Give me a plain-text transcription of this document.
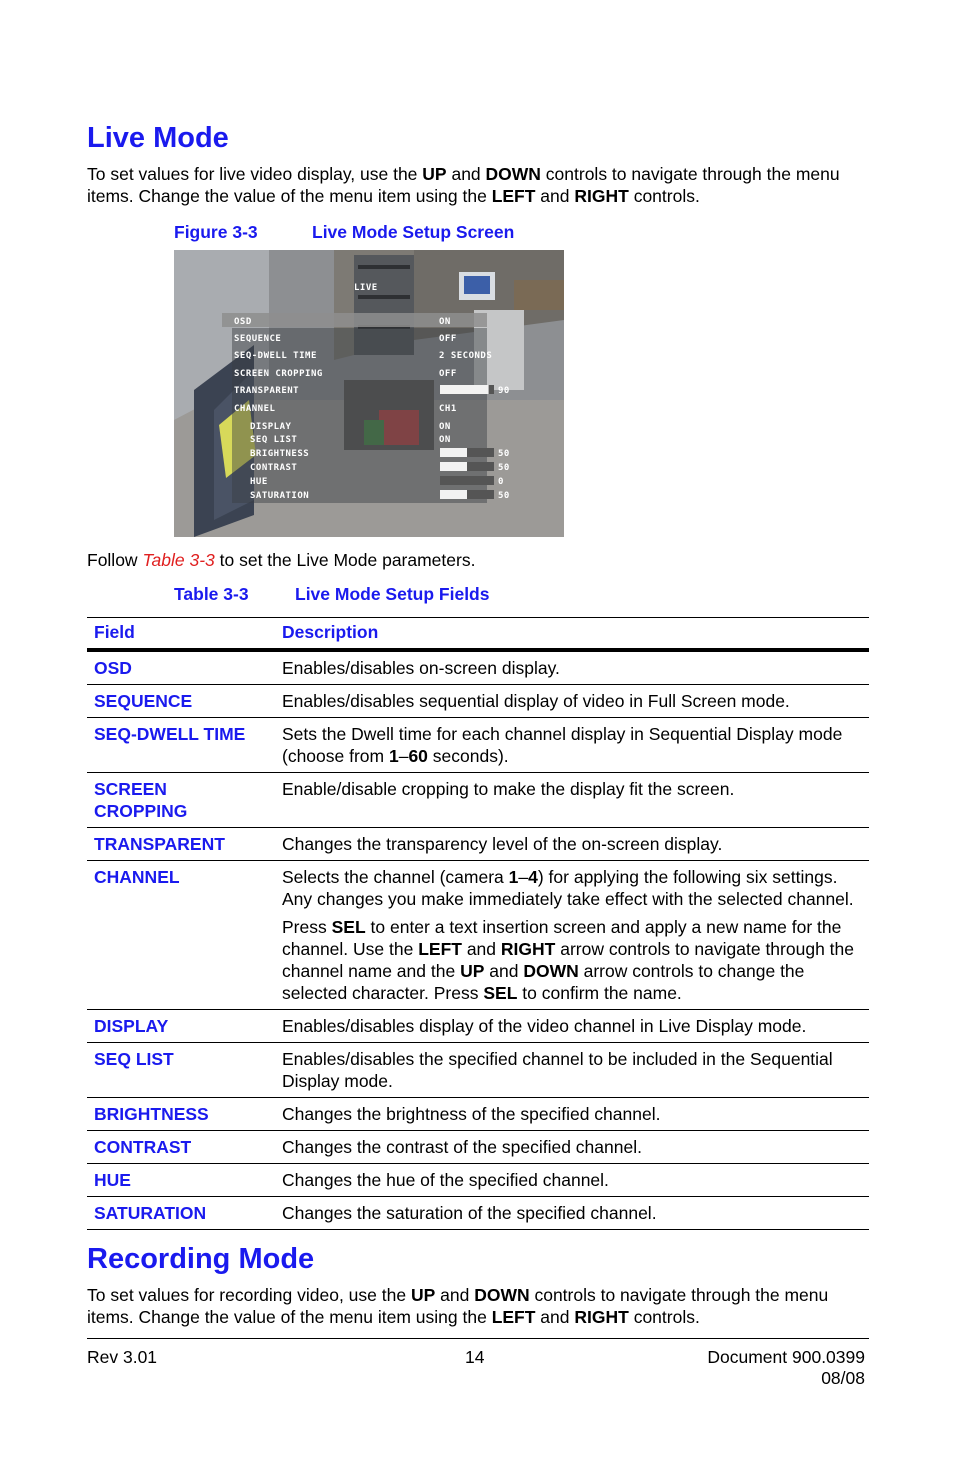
Live Mode

To set values for live video display, use the UP and DOWN controls to navigate through the menu items. Change the value of the menu item using the LEFT and RIGHT controls.

Figure 3-3	Live Mode Setup Screen
LIVE
OSD	ON
SEQUENCE	OFF
SEQ-DWELL TIME	2 SECONDS
SCREEN CROPPING	OFF
TRANSPARENT	90
CHANNEL	CH1
DISPLAY	ON
SEQ LIST	ON
BRIGHTNESS	50
CONTRAST	50
HUE	0
SATURATION	50

Follow Table 3-3 to set the Live Mode parameters.

Table 3-3	Live Mode Setup Fields
Field	Description
OSD	Enables/disables on-screen display.
SEQUENCE	Enables/disables sequential display of video in Full Screen mode.
SEQ-DWELL TIME	Sets the Dwell time for each channel display in Sequential Display mode (choose from 1–60 seconds).
SCREEN
CROPPING	Enable/disable cropping to make the display fit the screen.
TRANSPARENT	Changes the transparency level of the on-screen display.
CHANNEL	Selects the channel (camera 1–4) for applying the following six settings. Any changes you make immediately take effect with the selected channel.

Press SEL to enter a text insertion screen and apply a new name for the channel. Use the LEFT and RIGHT arrow controls to navigate through the channel name and the UP and DOWN arrow controls to change the selected character. Press SEL to confirm the name.

DISPLAY	Enables/disables display of the video channel in Live Display mode.
SEQ LIST	Enables/disables the specified channel to be included in the Sequential Display mode.
BRIGHTNESS	Changes the brightness of the specified channel.
CONTRAST	Changes the contrast of the specified channel.
HUE	Changes the hue of the specified channel.
SATURATION	Changes the saturation of the specified channel.
Recording Mode

To set values for recording video, use the UP and DOWN controls to navigate through the menu items. Change the value of the menu item using the LEFT and RIGHT controls.

Rev 3.01	14	Document 900.0399
08/08
